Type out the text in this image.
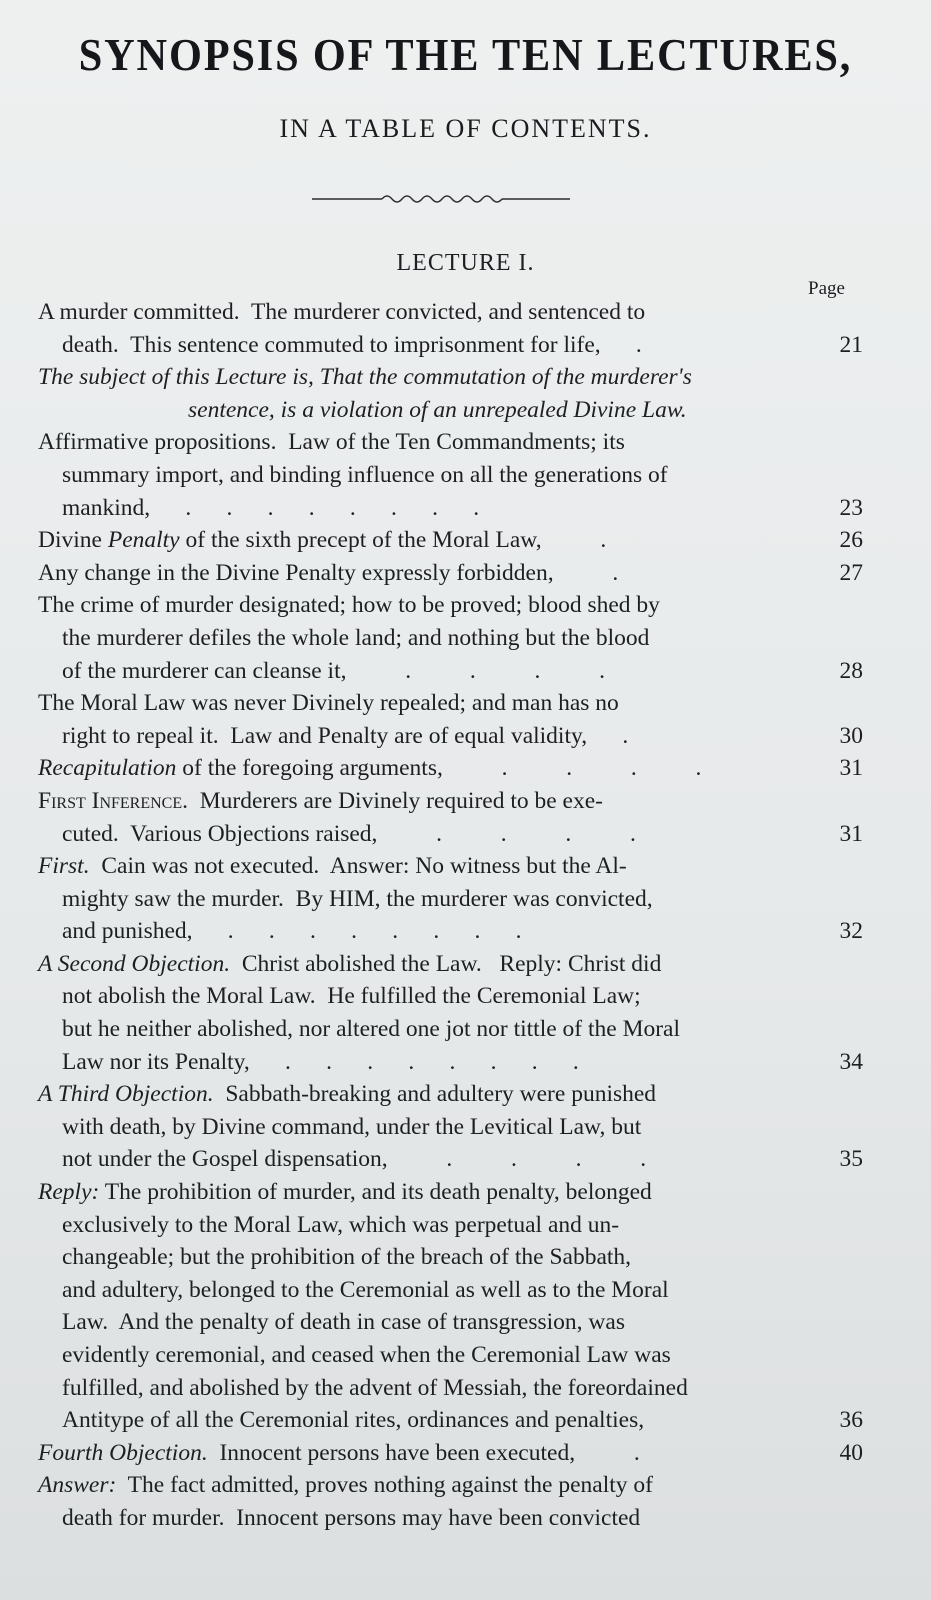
SYNOPSIS OF THE TEN LECTURES,
IN A TABLE OF CONTENTS.
LECTURE I.
Page
A murder committed.  The murderer convicted, and sentenced to
death.  This sentence commuted to imprisonment for life,      .	21
The subject of this Lecture is, That the commutation of the murderer's
sentence, is a violation of an unrepealed Divine Law.
Affirmative propositions.  Law of the Ten Commandments; its
summary import, and binding influence on all the generations of
mankind,      .      .      .      .      .      .      .      .	23
Divine Penalty of the sixth precept of the Moral Law,          .	26
Any change in the Divine Penalty expressly forbidden,          .	27
The crime of murder designated; how to be proved; blood shed by
the murderer defiles the whole land; and nothing but the blood
of the murderer can cleanse it,          .          .          .          .	28
The Moral Law was never Divinely repealed; and man has no
right to repeal it.  Law and Penalty are of equal validity,      .	30
Recapitulation of the foregoing arguments,          .          .          .          .	31
First Inference.  Murderers are Divinely required to be exe-
cuted.  Various Objections raised,          .          .          .          .	31
First.  Cain was not executed.  Answer: No witness but the Al-
mighty saw the murder.  By HIM, the murderer was convicted,
and punished,      .      .      .      .      .      .      .      .	32
A Second Objection.  Christ abolished the Law.   Reply: Christ did
not abolish the Moral Law.  He fulfilled the Ceremonial Law;
but he neither abolished, nor altered one jot nor tittle of the Moral
Law nor its Penalty,      .      .      .      .      .      .      .      .	34
A Third Objection.  Sabbath-breaking and adultery were punished
with death, by Divine command, under the Levitical Law, but
not under the Gospel dispensation,          .          .          .          .	35
Reply: The prohibition of murder, and its death penalty, belonged
exclusively to the Moral Law, which was perpetual and un-
changeable; but the prohibition of the breach of the Sabbath,
and adultery, belonged to the Ceremonial as well as to the Moral
Law.  And the penalty of death in case of transgression, was
evidently ceremonial, and ceased when the Ceremonial Law was
fulfilled, and abolished by the advent of Messiah, the foreordained
Antitype of all the Ceremonial rites, ordinances and penalties,	36
Fourth Objection.  Innocent persons have been executed,          .	40
Answer:  The fact admitted, proves nothing against the penalty of
death for murder.  Innocent persons may have been convicted
